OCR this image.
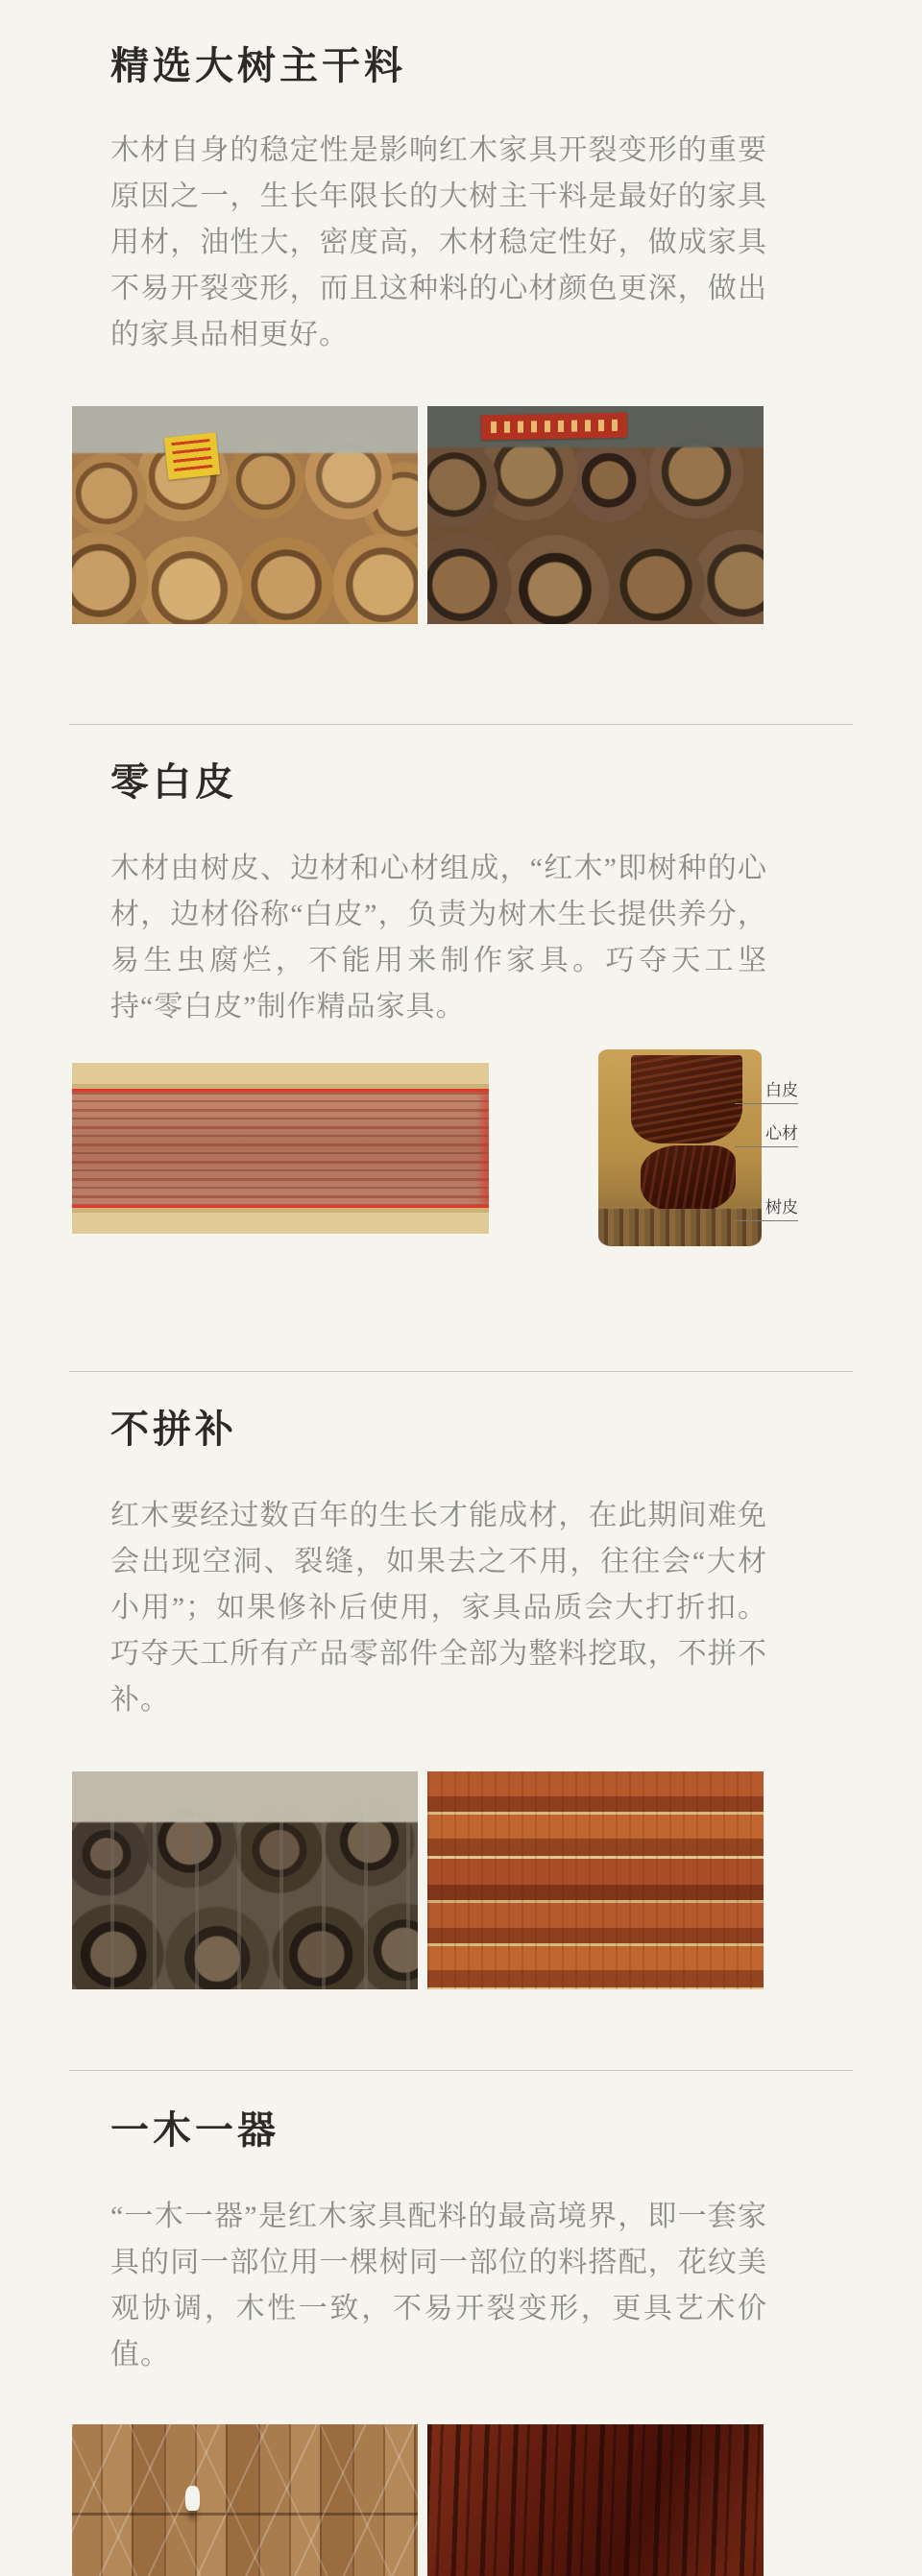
精选大树主干料

木材自身的稳定性是影响红木家具开裂变形的重要原因之一，生长年限长的大树主干料是最好的家具用材，油性大，密度高，木材稳定性好，做成家具不易开裂变形，而且这种料的心材颜色更深，做出的家具品相更好。

零白皮

木材由树皮、边材和心材组成，“红木”即树种的心材，边材俗称“白皮”，负责为树木生长提供养分，易生虫腐烂，不能用来制作家具。巧夺天工坚持“零白皮”制作精品家具。

白皮
心材
树皮
不拼补

红木要经过数百年的生长才能成材，在此期间难免会出现空洞、裂缝，如果去之不用，往往会“大材小用”；如果修补后使用，家具品质会大打折扣。巧夺天工所有产品零部件全部为整料挖取，不拼不补。

一木一器

“一木一器”是红木家具配料的最高境界，即一套家具的同一部位用一棵树同一部位的料搭配，花纹美观协调，木性一致，不易开裂变形，更具艺术价值。
